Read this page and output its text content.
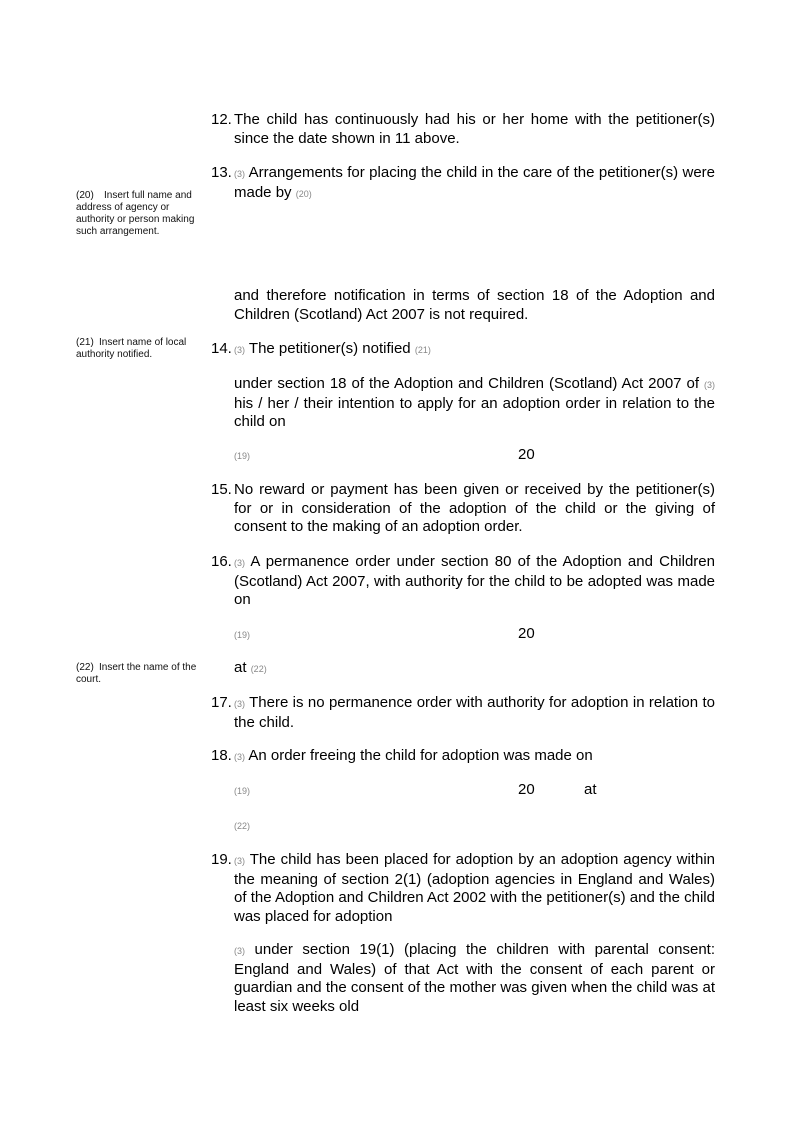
(20) Insert full name and address of agency or authority or person making such arrangement.
(21) Insert name of local authority notified.
(22) Insert the name of the court.
12. The child has continuously had his or her home with the petitioner(s) since the date shown in 11 above.
13. (3) Arrangements for placing the child in the care of the petitioner(s) were made by (20)
and therefore notification in terms of section 18 of the Adoption and Children (Scotland) Act 2007 is not required.
14. (3) The petitioner(s) notified (21)
under section 18 of the Adoption and Children (Scotland) Act 2007 of (3) his / her / their intention to apply for an adoption order in relation to the child on
(19)	20
15. No reward or payment has been given or received by the petitioner(s) for or in consideration of the adoption of the child or the giving of consent to the making of an adoption order.
16. (3) A permanence order under section 80 of the Adoption and Children (Scotland) Act 2007, with authority for the child to be adopted was made on
(19)	20
at (22)
17. (3) There is no permanence order with authority for adoption in relation to the child.
18. (3) An order freeing the child for adoption was made on
(19)	20	at
(22)
19. (3) The child has been placed for adoption by an adoption agency within the meaning of section 2(1) (adoption agencies in England and Wales) of the Adoption and Children Act 2002 with the petitioner(s) and the child was placed for adoption
(3) under section 19(1) (placing the children with parental consent: England and Wales) of that Act with the consent of each parent or guardian and the consent of the mother was given when the child was at least six weeks old
